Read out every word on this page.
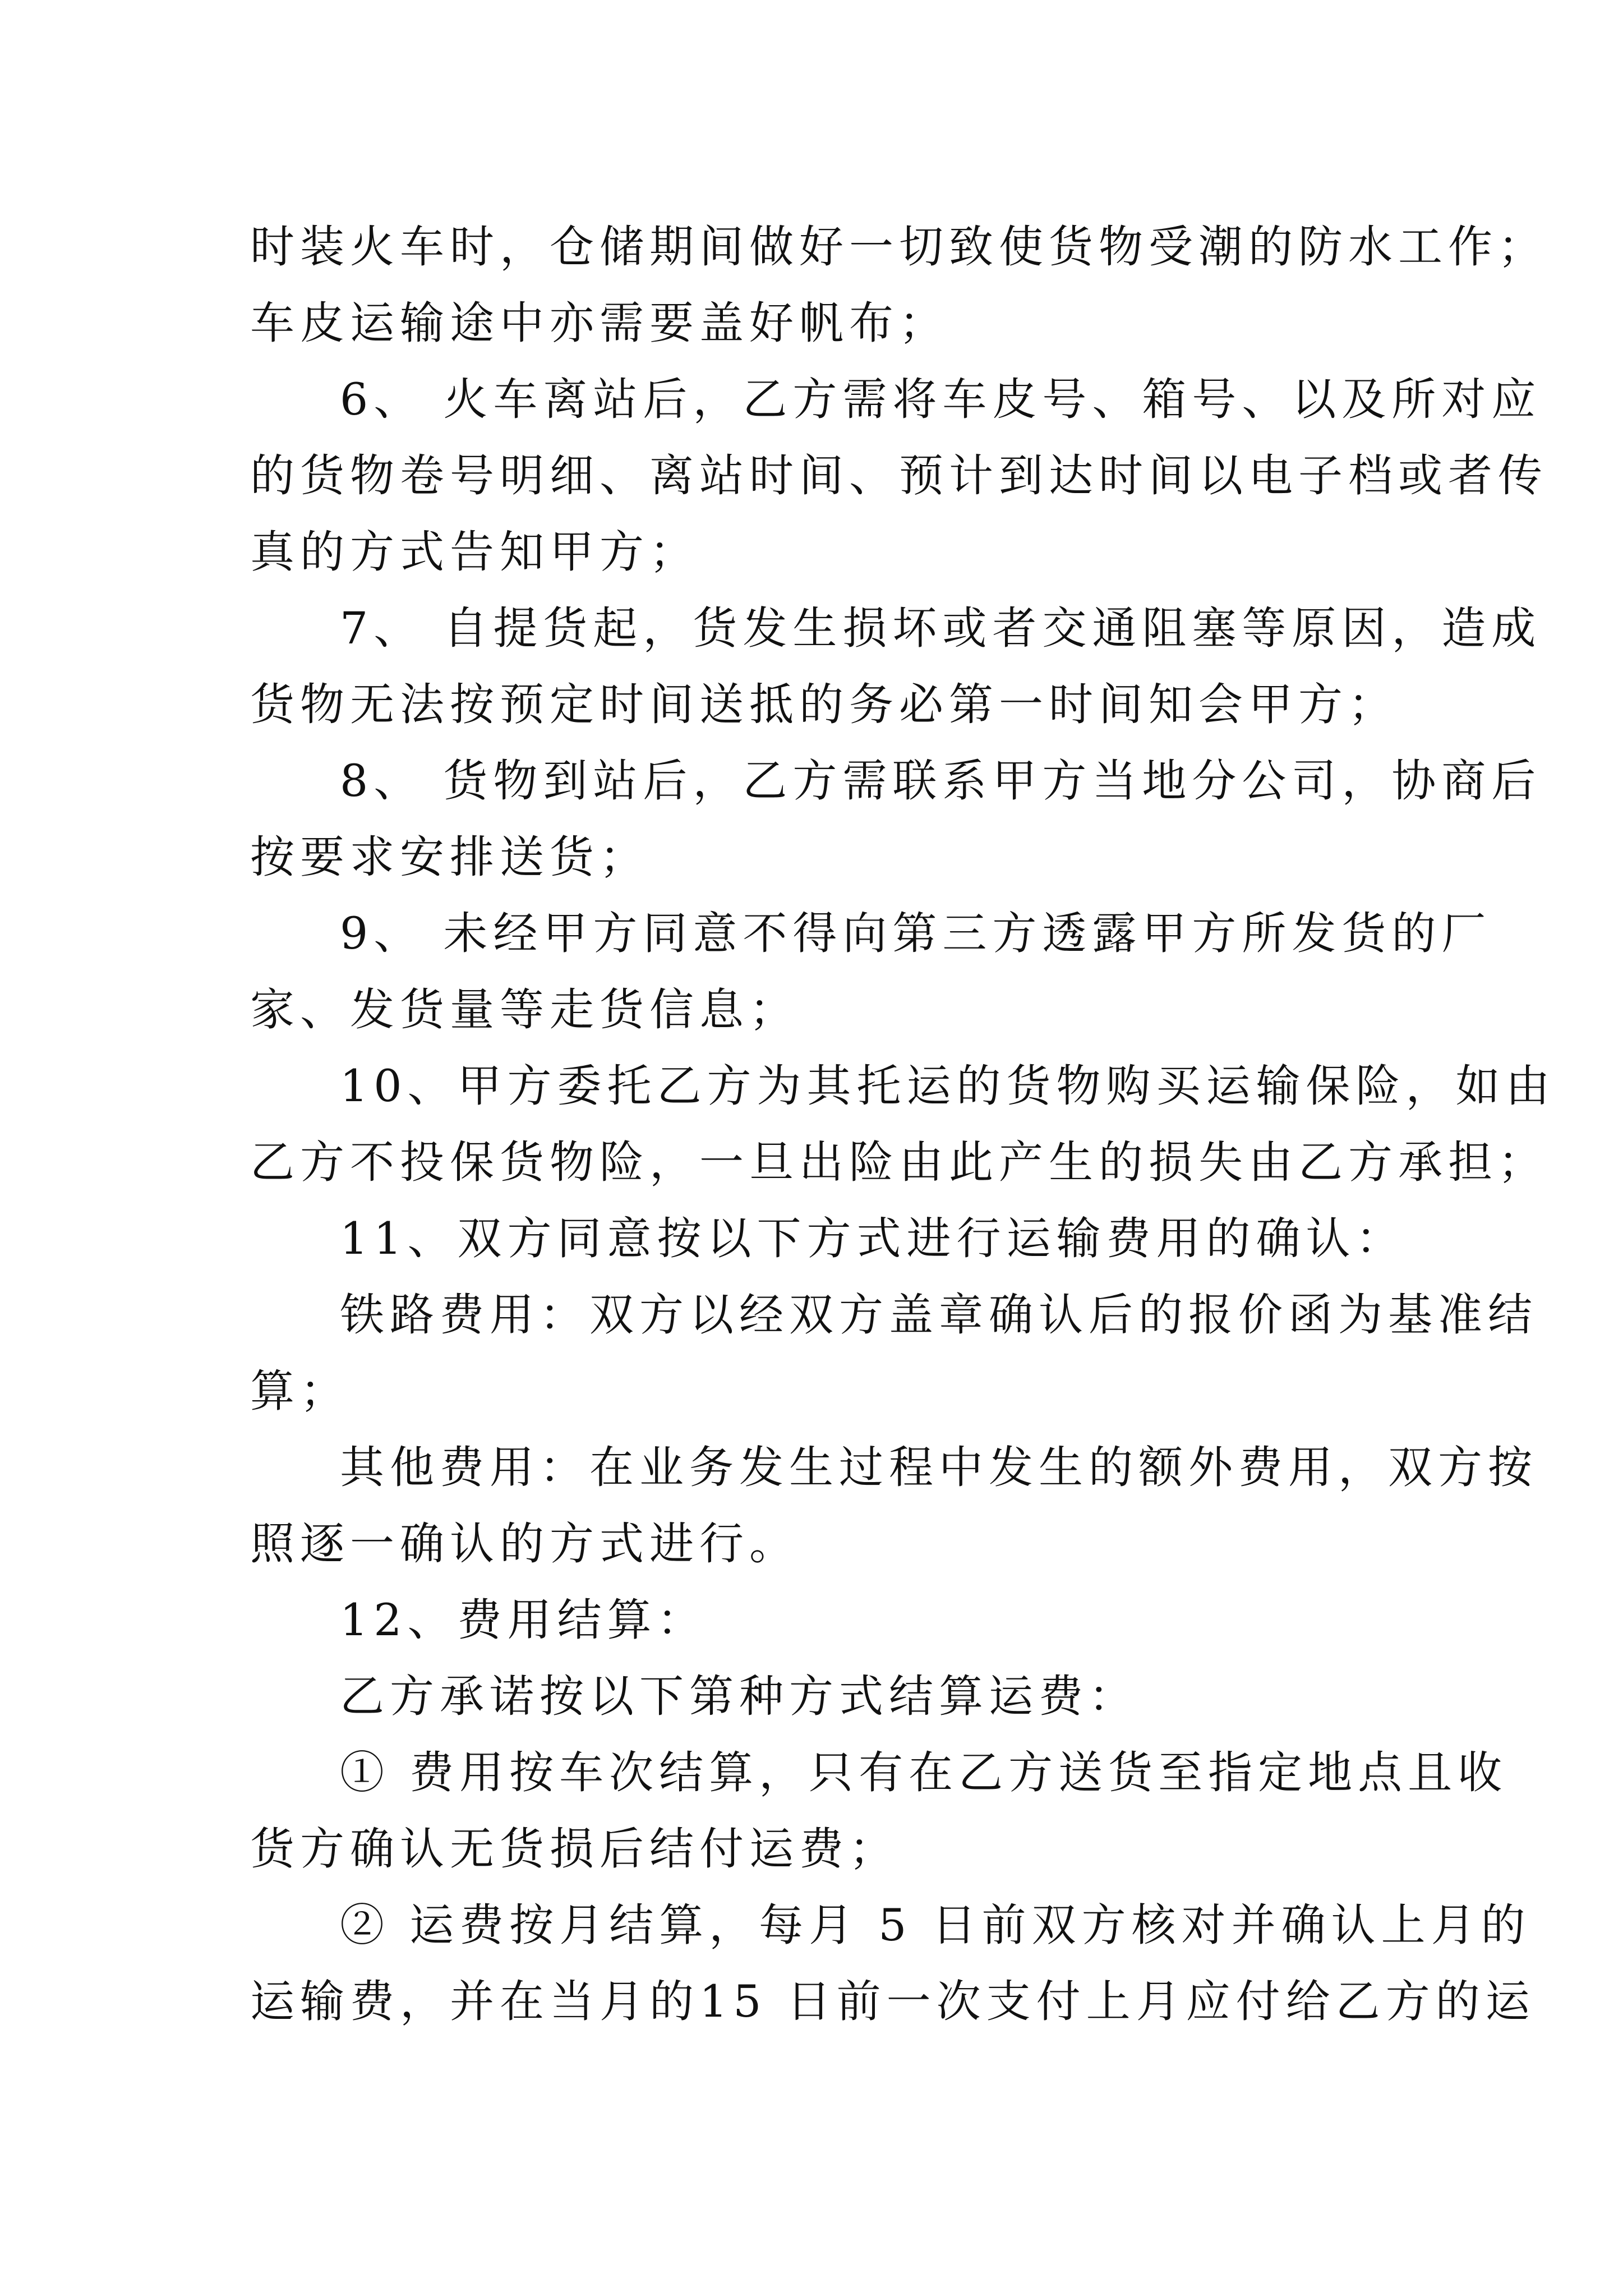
时装火车时，仓储期间做好一切致使货物受潮的防水工作；
车皮运输途中亦需要盖好帆布；

6、 火车离站后，乙方需将车皮号、箱号、以及所对应
的货物卷号明细、离站时间、预计到达时间以电子档或者传
真的方式告知甲方；

7、 自提货起，货发生损坏或者交通阻塞等原因，造成
货物无法按预定时间送抵的务必第一时间知会甲方；

8、 货物到站后，乙方需联系甲方当地分公司，协商后
按要求安排送货；

9、 未经甲方同意不得向第三方透露甲方所发货的厂
家、发货量等走货信息；

10、甲方委托乙方为其托运的货物购买运输保险，如由
乙方不投保货物险，一旦出险由此产生的损失由乙方承担；

11、双方同意按以下方式进行运输费用的确认：

铁路费用：双方以经双方盖章确认后的报价函为基准结
算；

其他费用：在业务发生过程中发生的额外费用，双方按
照逐一确认的方式进行。

12、费用结算：

乙方承诺按以下第种方式结算运费：

① 费用按车次结算，只有在乙方送货至指定地点且收
货方确认无货损后结付运费；

② 运费按月结算，每月 5 日前双方核对并确认上月的
运输费，并在当月的15 日前一次支付上月应付给乙方的运
